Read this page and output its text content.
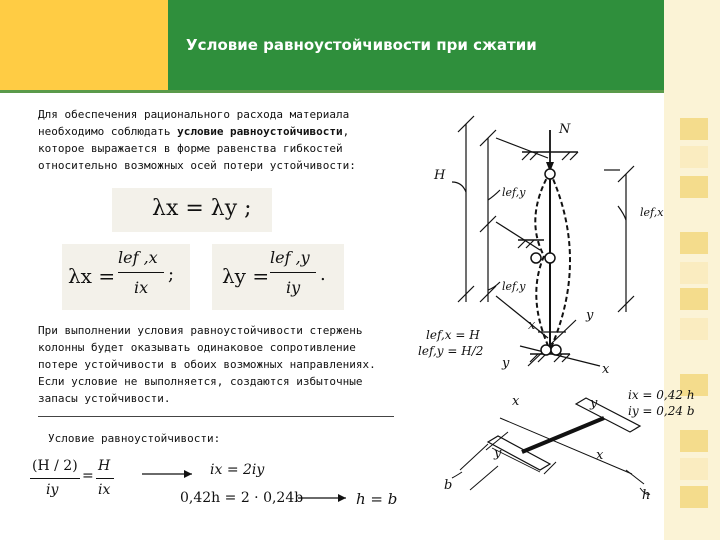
Условие равноустойчивости при сжатии
Для обеспечения рационального расхода материала
необходимо соблюдать условие равноустойчивости,
которое выражается в форме равенства гибкостей
относительно возможных осей потери устойчивости:
λx = λy ;
λx =
lef ,x
ix
; λy =
lef ,y
iy
.
При выполнении условия равноустойчивости стержень
колонны будет оказывать одинаковое сопротивление
потере устойчивости в обоих возможных направлениях.
Если условие не выполняется, создаются избыточные
запасы устойчивости.
Условие равноустойчивости:
(H / 2)
iy
=
H
ix
ix = 2iy
0,42h = 2 · 0,24b	h = b
N
H
lef,y
lef,x
lef,y
lef,x = H
lef,y = H/2
x
y
y	x
x	y
y	x
ix = 0,42 h
iy = 0,24 b
b
h
